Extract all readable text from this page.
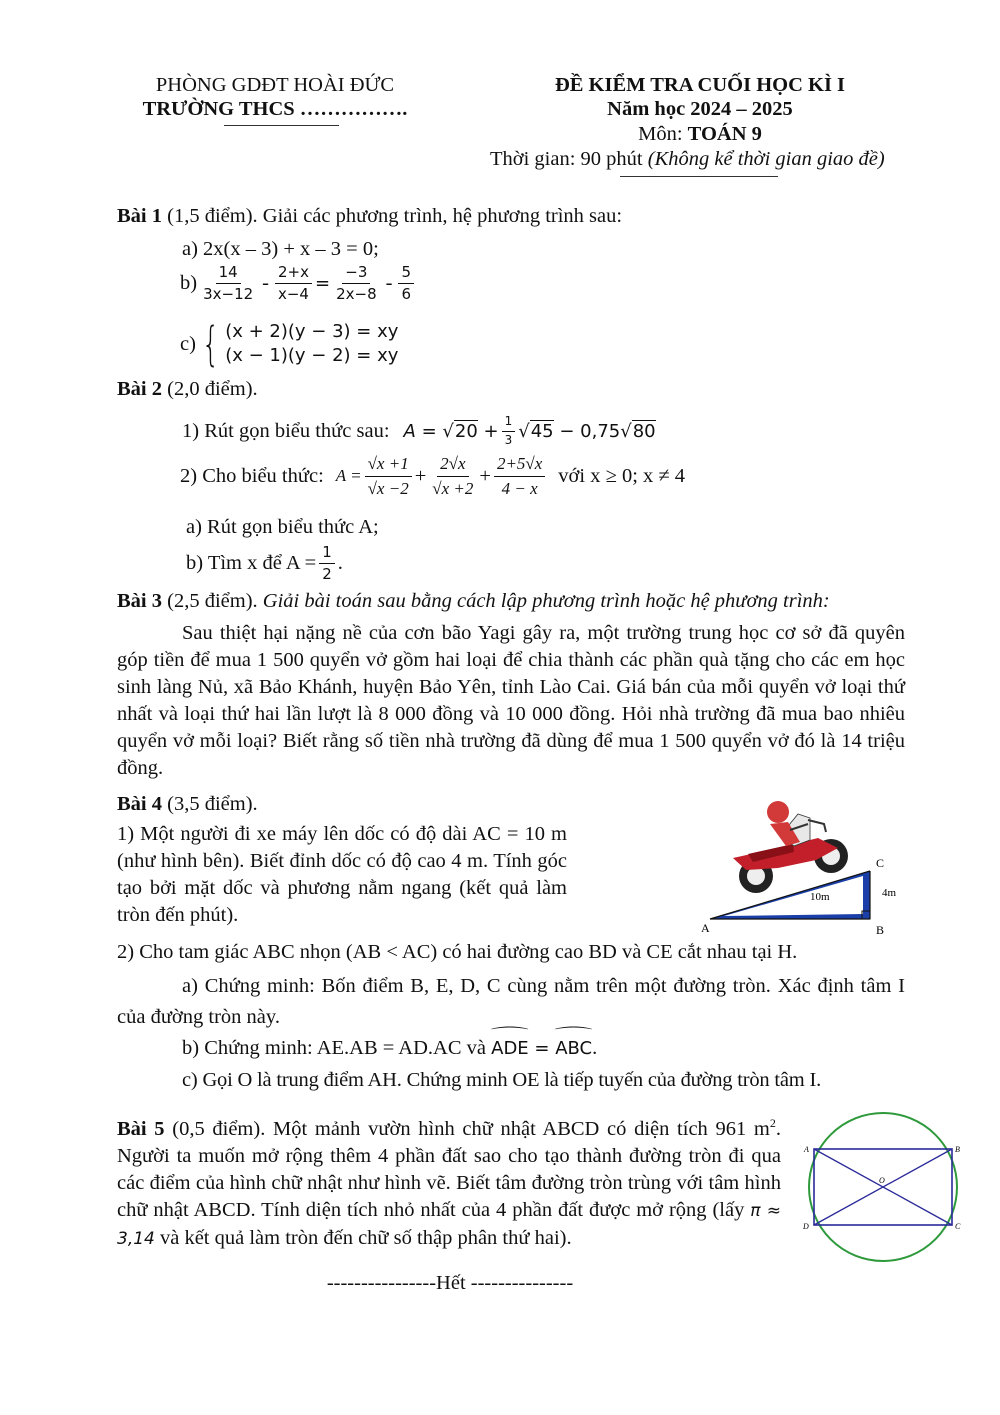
PHÒNG GDĐT HOÀI ĐỨC
TRƯỜNG THCS …………….
ĐỀ KIỂM TRA CUỐI HỌC KÌ I
Năm học 2024 – 2025
Môn: TOÁN 9
Thời gian: 90 phút (Không kể thời gian giao đề)
Bài 1 (1,5 điểm). Giải các phương trình, hệ phương trình sau:
a) 2x(x – 3) + x – 3 = 0;
$b) \frac{14}{3x-12} - \frac{2+x}{x-4} = \frac{-3}{2x-8} - \frac{5}{6}$
c) { (x + 2)(y − 3) = xy
(x − 1)(y − 2) = xy
Bài 2 (2,0 điểm).
1) Rút gọn biểu thức sau: $A = √20 + \frac{1}{3} √45 - 0,75√80$
2) Cho biểu thức: $A = \frac{√x +1}{√x -2} + \frac{2√x}{√x +2} + \frac{2+5√x}{4 - x}$ với x ≥ 0; x ≠ 4
a) Rút gọn biểu thức A;
b) Tìm x để $A = \frac{1}{2}$ .
Bài 3 (2,5 điểm). Giải bài toán sau bằng cách lập phương trình hoặc hệ phương trình:

Sau thiệt hại nặng nề của cơn bão Yagi gây ra, một trường trung học cơ sở đã quyên góp tiền để mua 1 500 quyển vở gồm hai loại để chia thành các phần quà tặng cho các em học sinh làng Nủ, xã Bảo Khánh, huyện Bảo Yên, tỉnh Lào Cai. Giá bán của mỗi quyển vở loại thứ nhất và loại thứ hai lần lượt là 8 000 đồng và 10 000 đồng. Hỏi nhà trường đã mua bao nhiêu quyển vở mỗi loại? Biết rằng số tiền nhà trường đã dùng để mua 1 500 quyển vở đó là 14 triệu đồng.

Bài 4 (3,5 điểm).

1) Một người đi xe máy lên dốc có độ dài AC = 10 m (như hình bên). Biết đỉnh dốc có độ cao 4 m. Tính góc tạo bởi mặt dốc và phương nằm ngang (kết quả làm tròn đến phút).

10m	4m
C
A	B
2) Cho tam giác ABC nhọn (AB < AC) có hai đường cao BD và CE cắt nhau tại H.

a) Chứng minh: Bốn điểm B, E, D, C cùng nằm trên một đường tròn. Xác định tâm I của đường tròn này.

b) Chứng minh: AE.AB = AD.AC và ⌒ ADE = ⌒ ABC.
c) Gọi O là trung điểm AH. Chứng minh OE là tiếp tuyến của đường tròn tâm I.

Bài 5 (0,5 điểm). Một mảnh vườn hình chữ nhật ABCD có diện tích 961 $m^2$. Người ta muốn mở rộng thêm 4 phần đất sao cho tạo thành đường tròn đi qua các điểm của hình chữ nhật như hình vẽ. Biết tâm đường tròn trùng với tâm hình chữ nhật ABCD. Tính diện tích nhỏ nhất của 4 phần đất được mở rộng (lấy π ≈ 3,14 và kết quả làm tròn đến chữ số thập phân thứ hai).

A	B
C
D
O
----------------Hết ---------------
